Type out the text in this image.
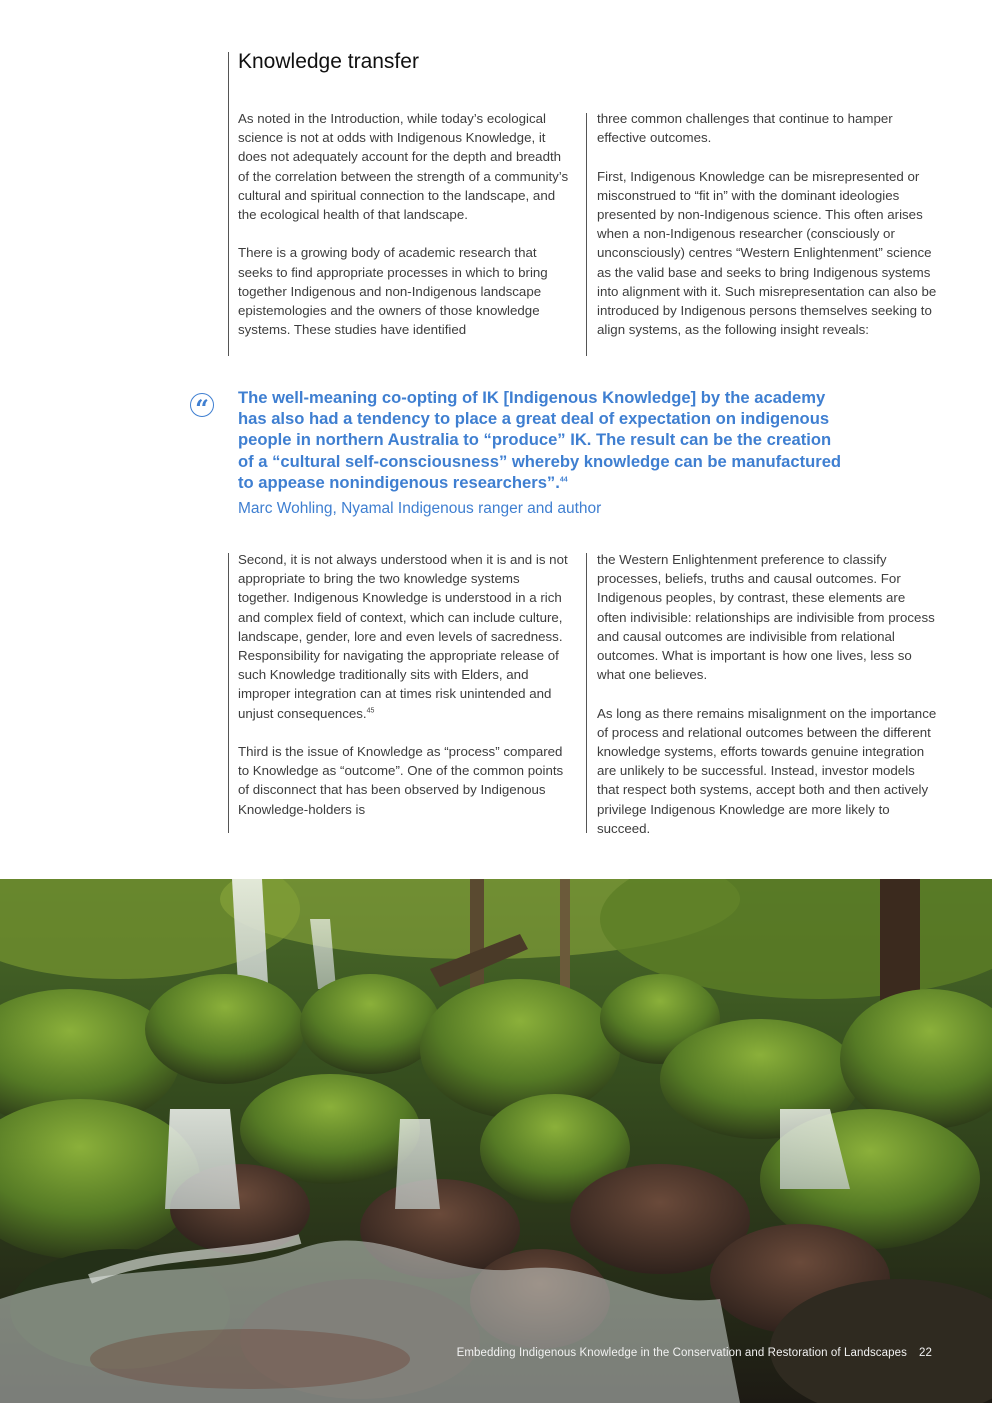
Knowledge transfer

As noted in the Introduction, while today’s ecological science is not at odds with Indigenous Knowledge, it does not adequately account for the depth and breadth of the correlation between the strength of a community’s cultural and spiritual connection to the landscape, and the ecological health of that landscape.

There is a growing body of academic research that seeks to find appropriate processes in which to bring together Indigenous and non-Indigenous landscape epistemologies and the owners of those knowledge systems. These studies have identified

three common challenges that continue to hamper effective outcomes.

First, Indigenous Knowledge can be misrepresented or misconstrued to “fit in” with the dominant ideologies presented by non-Indigenous science. This often arises when a non-Indigenous researcher (consciously or unconsciously) centres “Western Enlightenment” science as the valid base and seeks to bring Indigenous systems into alignment with it. Such misrepresentation can also be introduced by Indigenous persons themselves seeking to align systems, as the following insight reveals:

“	The well-meaning co-opting of IK [Indigenous Knowledge] by the academy has also had a tendency to place a great deal of expectation on indigenous people in northern Australia to “produce” IK. The result can be the creation of a “cultural self-consciousness” whereby knowledge can be manufactured to appease nonindigenous researchers”.$^{44}$

Marc Wohling, Nyamal Indigenous ranger and author

Second, it is not always understood when it is and is not appropriate to bring the two knowledge systems together. Indigenous Knowledge is understood in a rich and complex field of context, which can include culture, landscape, gender, lore and even levels of sacredness. Responsibility for navigating the appropriate release of such Knowledge traditionally sits with Elders, and improper integration can at times risk unintended and unjust consequences.$^{45}$

Third is the issue of Knowledge as “process” compared to Knowledge as “outcome”. One of the common points of disconnect that has been observed by Indigenous Knowledge-holders is

the Western Enlightenment preference to classify processes, beliefs, truths and causal outcomes. For Indigenous peoples, by contrast, these elements are often indivisible: relationships are indivisible from process and causal outcomes are indivisible from relational outcomes. What is important is how one lives, less so what one believes.

As long as there remains misalignment on the importance of process and relational outcomes between the different knowledge systems, efforts towards genuine integration are unlikely to be successful. Instead, investor models that respect both systems, accept both and then actively privilege Indigenous Knowledge are more likely to succeed.

Embedding Indigenous Knowledge in the Conservation and Restoration of Landscapes 22
